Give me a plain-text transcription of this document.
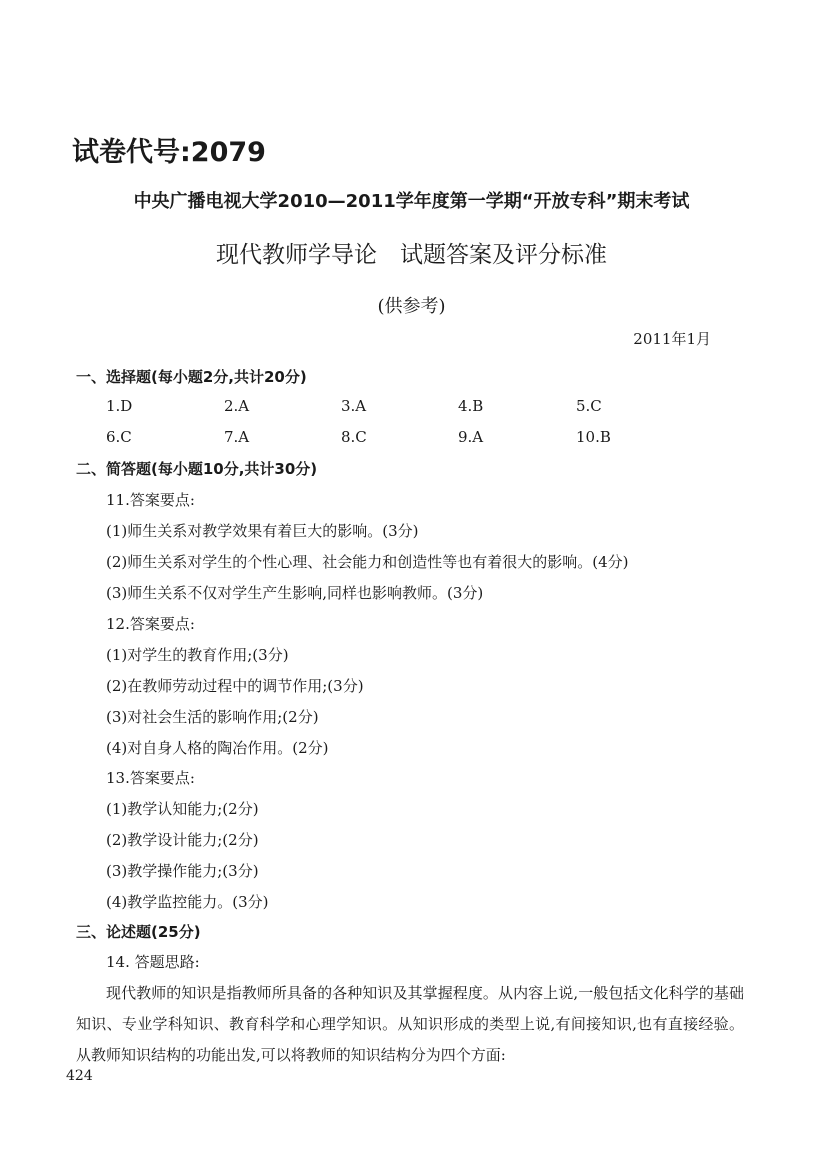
试卷代号:2079
中央广播电视大学2010—2011学年度第一学期“开放专科”期末考试
现代教师学导论　试题答案及评分标准
(供参考)
2011年1月
一、选择题(每小题2分,共计20分)
1.D	2.A	3.A	4.B	5.C
6.C	7.A	8.C	9.A	10.B
二、简答题(每小题10分,共计30分)
11.答案要点:
(1)师生关系对教学效果有着巨大的影响。(3分)
(2)师生关系对学生的个性心理、社会能力和创造性等也有着很大的影响。(4分)
(3)师生关系不仅对学生产生影响,同样也影响教师。(3分)
12.答案要点:
(1)对学生的教育作用;(3分)
(2)在教师劳动过程中的调节作用;(3分)
(3)对社会生活的影响作用;(2分)
(4)对自身人格的陶冶作用。(2分)
13.答案要点:
(1)教学认知能力;(2分)
(2)教学设计能力;(2分)
(3)教学操作能力;(3分)
(4)教学监控能力。(3分)
三、论述题(25分)
14. 答题思路:
现代教师的知识是指教师所具备的各种知识及其掌握程度。从内容上说,一般包括文化科学的基础知识、专业学科知识、教育科学和心理学知识。从知识形成的类型上说,有间接知识,也有直接经验。从教师知识结构的功能出发,可以将教师的知识结构分为四个方面:
424
